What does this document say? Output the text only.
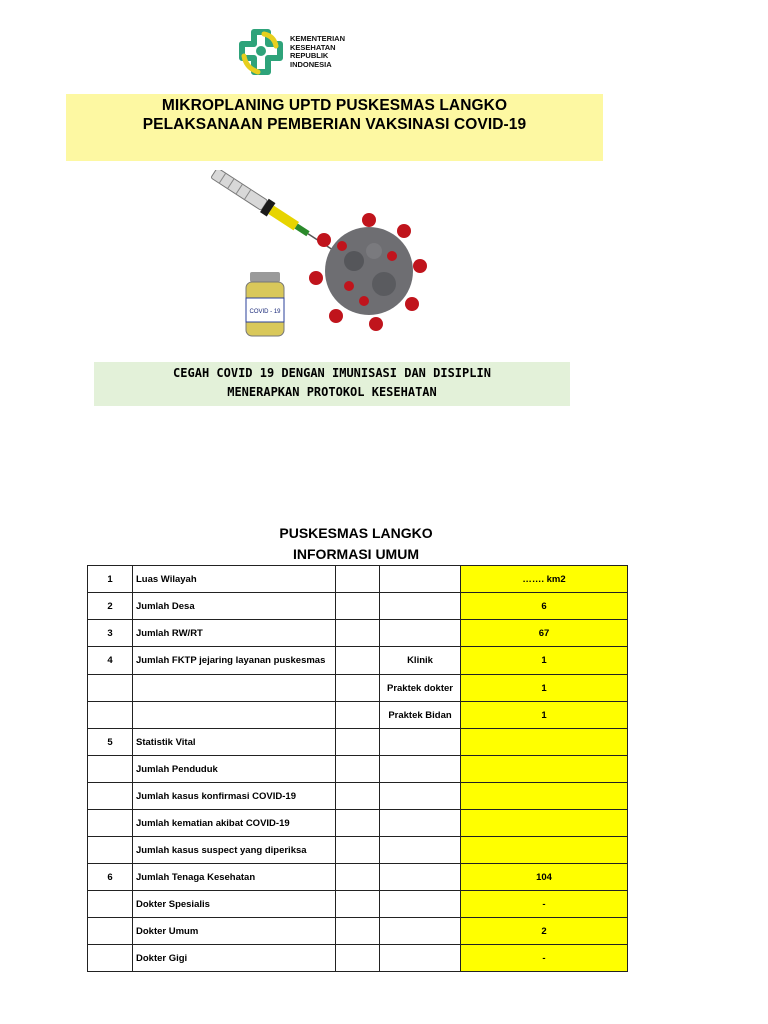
KEMENTERIAN
KESEHATAN
REPUBLIK
INDONESIA
MIKROPLANING UPTD PUSKESMAS LANGKO
PELAKSANAAN PEMBERIAN VAKSINASI COVID-19
COVID - 19
CEGAH COVID 19 DENGAN IMUNISASI DAN DISIPLIN
MENERAPKAN PROTOKOL KESEHATAN
PUSKESMAS LANGKO
INFORMASI UMUM
1	Luas Wilayah			……. km2
2	Jumlah Desa			6
3	Jumlah RW/RT			67
4	Jumlah FKTP jejaring layanan puskesmas		Klinik	1
			Praktek dokter	1
			Praktek Bidan	1
5	Statistik Vital			
	Jumlah Penduduk			
	Jumlah kasus konfirmasi COVID-19			
	Jumlah kematian akibat COVID-19			
	Jumlah kasus suspect yang diperiksa			
6	Jumlah Tenaga Kesehatan			104
	Dokter Spesialis			-
	Dokter Umum			2
	Dokter Gigi			-
